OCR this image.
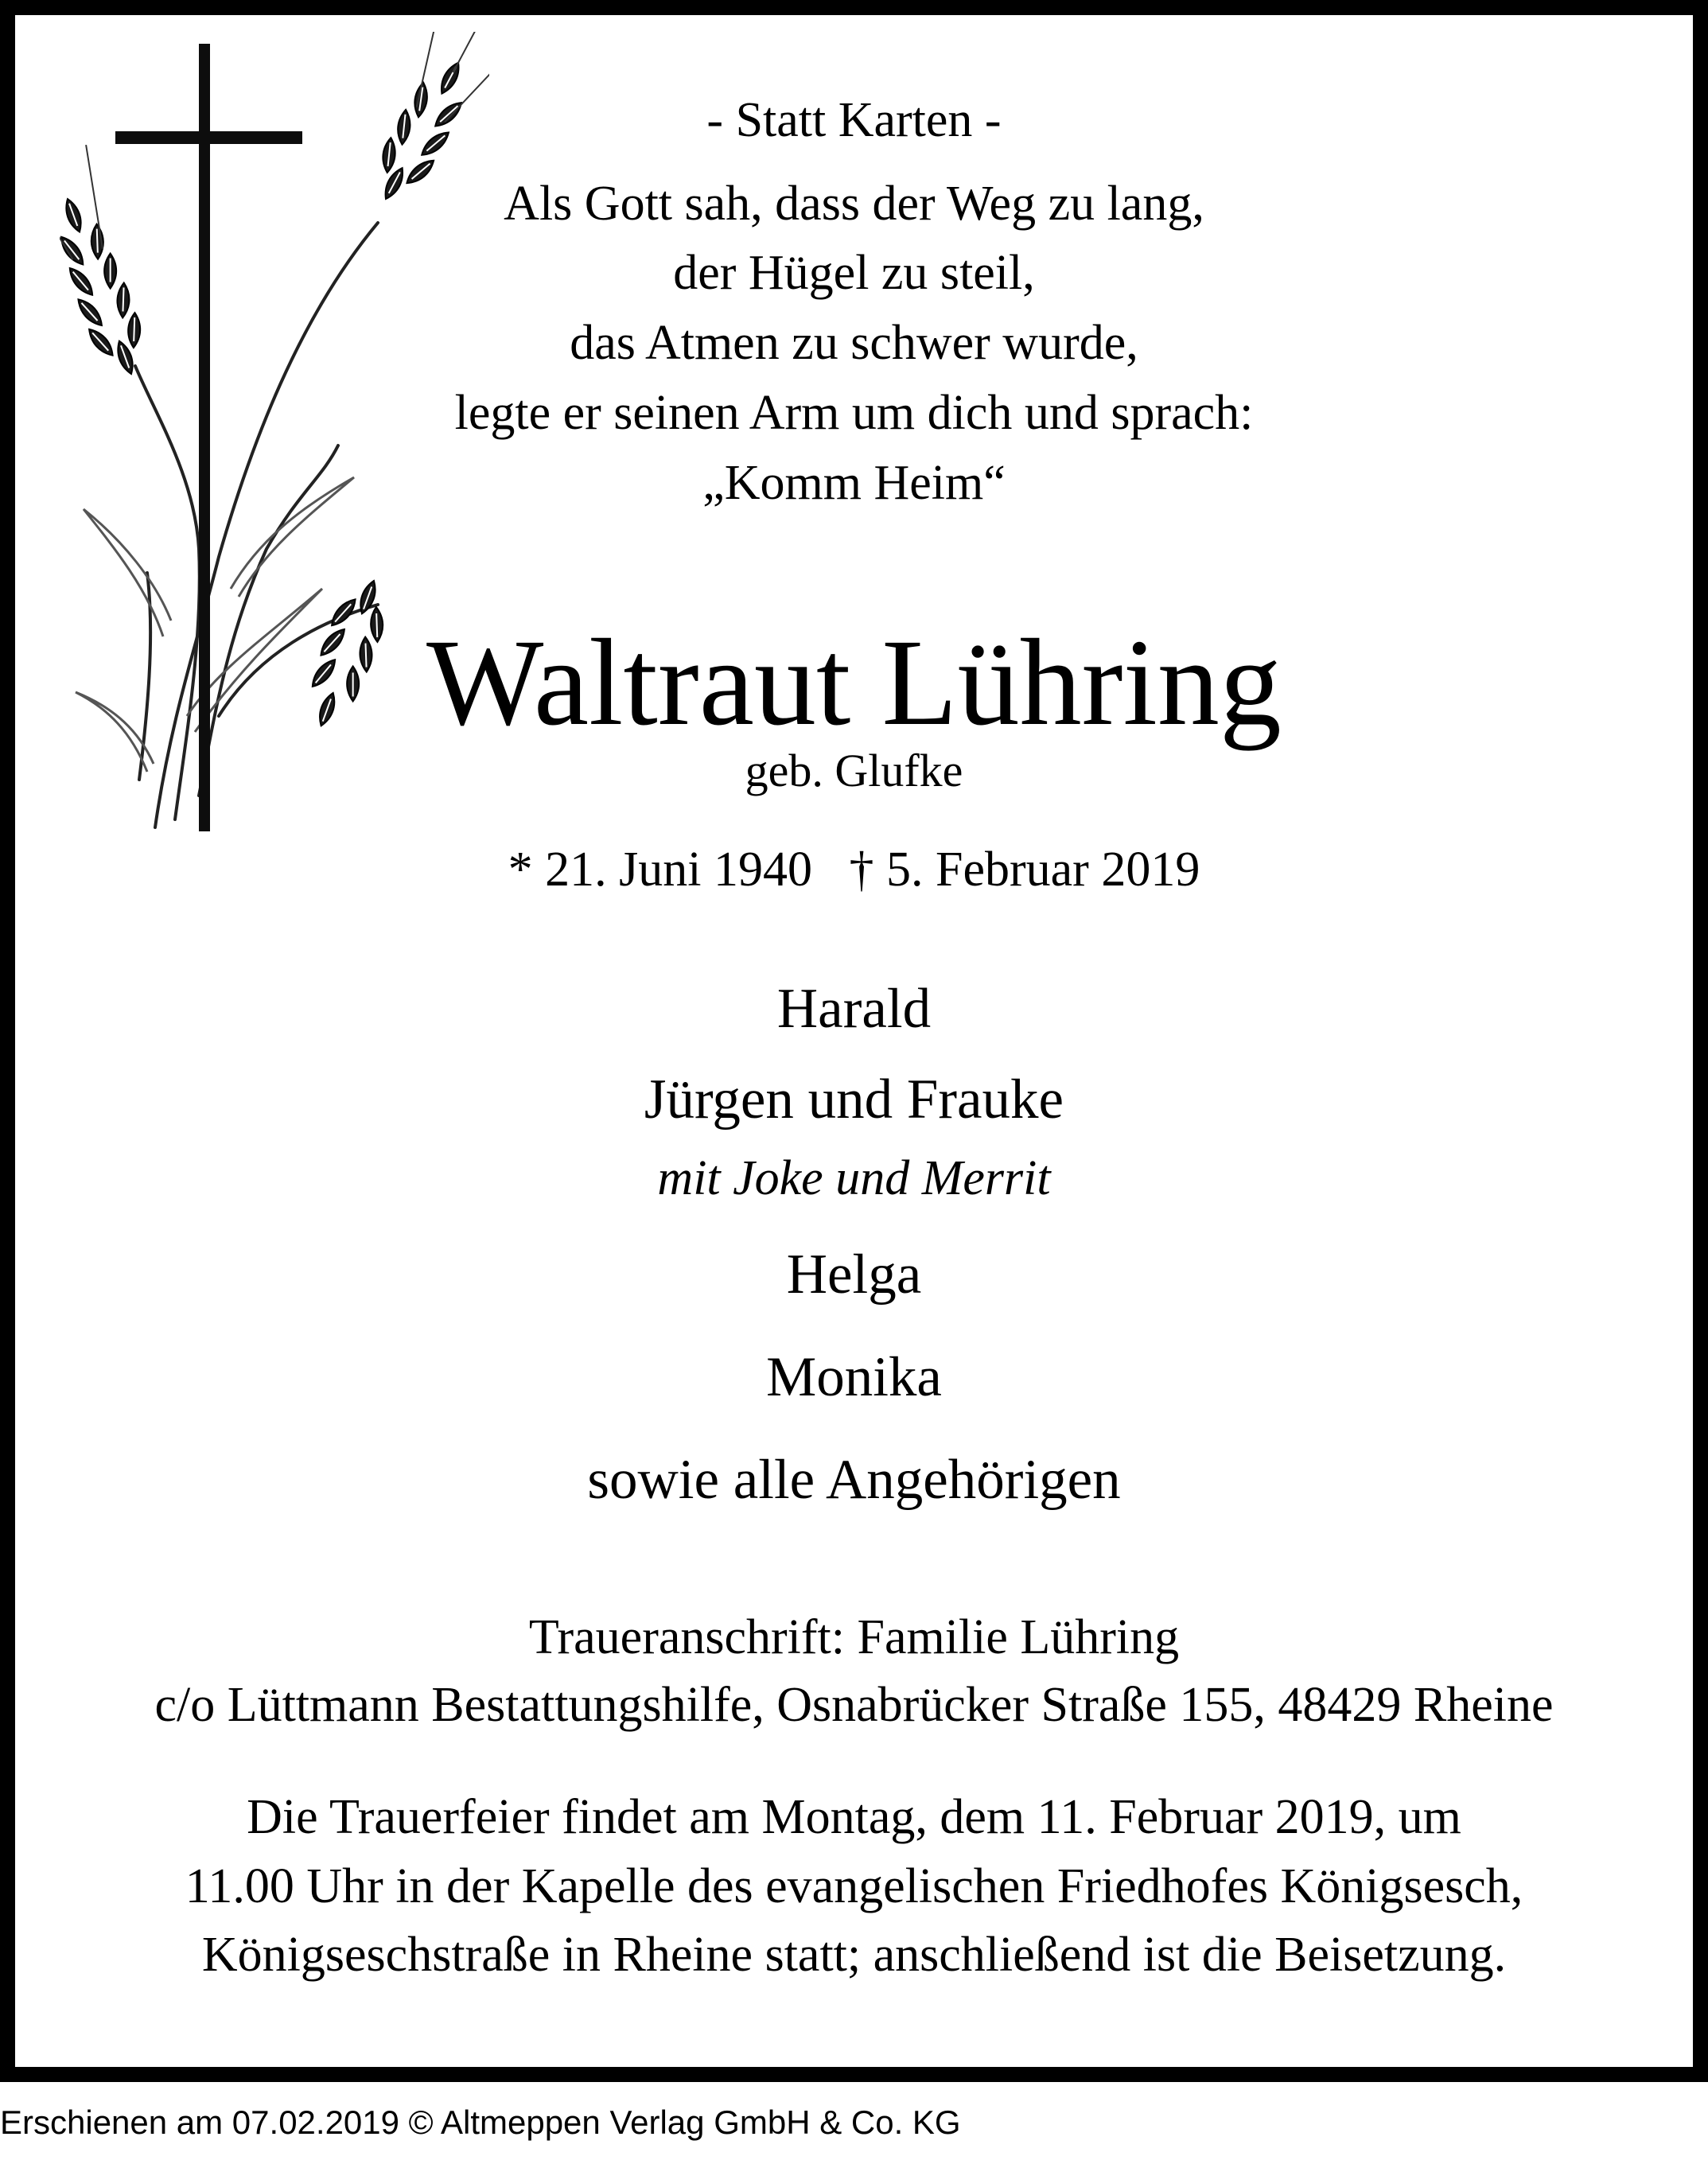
- Statt Karten -
Als Gott sah, dass der Weg zu lang,
der Hügel zu steil,
das Atmen zu schwer wurde,
legte er seinen Arm um dich und sprach:
„Komm Heim“
Waltraut Lühring
geb. Glufke
* 21. Juni 1940   † 5. Februar 2019
Harald
Jürgen und Frauke
mit Joke und Merrit
Helga
Monika
sowie alle Angehörigen
Traueranschrift: Familie Lühring
c/o Lüttmann Bestattungshilfe, Osnabrücker Straße 155, 48429 Rheine
Die Trauerfeier findet am Montag, dem 11. Februar 2019, um
11.00 Uhr in der Kapelle des evangelischen Friedhofes Königsesch,
Königseschstraße in Rheine statt; anschließend ist die Beisetzung.
Erschienen am 07.02.2019 © Altmeppen Verlag GmbH & Co. KG
